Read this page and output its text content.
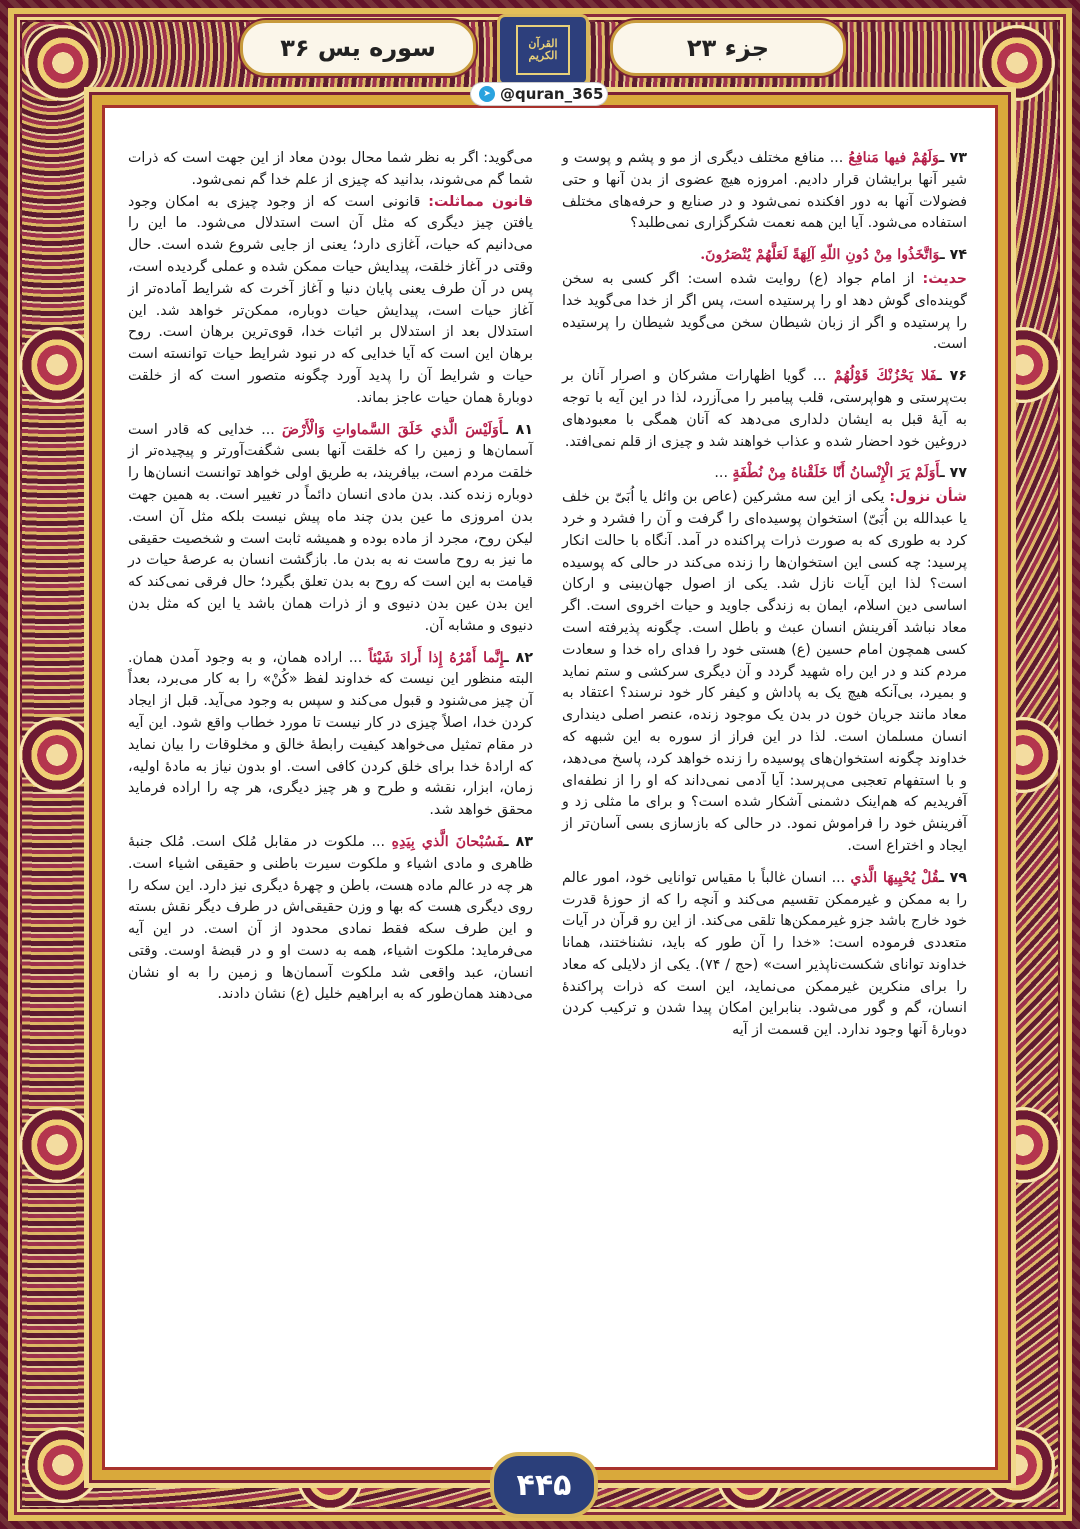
سوره یس ۳۶	القرآن الكريم	جزء ۲۳
➤ @quran_365

۷۳ ـوَلَهُمْ فيها مَنافِعُ ... منافع مختلف دیگری از مو و پشم و پوست و شیر آنها برایشان قرار دادیم. امروزه هیچ عضوی از بدن آنها و حتی فضولات آنها به دور افکنده نمی‌شود و در صنایع و حرفه‌های مختلف استفاده می‌شود. آیا این همه نعمت شکرگزاری نمی‌طلبد؟

۷۴ ـوَاتَّخَذُوا مِنْ دُونِ اللّهِ آلِهَةً لَعَلَّهُمْ يُنْصَرُونَ.

حدیث: از امام جواد (ع) روایت شده است: اگر کسی به سخن گوینده‌ای گوش دهد او را پرستیده است، پس اگر از خدا می‌گوید خدا را پرستیده و اگر از زبان شیطان سخن می‌گوید شیطان را پرستیده است.

۷۶ ـفَلا يَحْزُنْكَ قَوْلُهُمْ ... گویا اظهارات مشرکان و اصرار آنان بر بت‌پرستی و هواپرستی، قلب پیامبر را می‌آزرد، لذا در این آیه با توجه به آیهٔ قبل به ایشان دلداری می‌دهد که آنان همگی با معبودهای دروغین خود احضار شده و عذاب خواهند شد و چیزی از قلم نمی‌افتد.

۷۷ ـأَوَلَمْ يَرَ الْإِنْسانُ أَنّا خَلَقْناهُ مِنْ نُطْفَةٍ ...

شأن نزول: یکی از این سه مشرکین (عاص بن وائل یا اُبَیّ بن خلف یا عبدالله بن اُبَیّ) استخوان پوسیده‌ای را گرفت و آن را فشرد و خرد کرد به طوری که به صورت ذرات پراکنده در آمد. آنگاه با حالت انکار پرسید: چه کسی این استخوان‌ها را زنده می‌کند در حالی که پوسیده است؟ لذا این آیات نازل شد. یکی از اصول جهان‌بینی و ارکان اساسی دین اسلام، ایمان به زندگی جاوید و حیات اخروی است. اگر معاد نباشد آفرینش انسان عبث و باطل است. چگونه پذیرفته است کسی همچون امام حسین (ع) هستی خود را فدای راه خدا و سعادت مردم کند و در این راه شهید گردد و آن دیگری سرکشی و ستم نماید و بمیرد، بی‌آنکه هیچ یک به پاداش و کیفر کار خود نرسند؟ اعتقاد به معاد مانند جریان خون در بدن یک موجود زنده، عنصر اصلی دینداری انسان مسلمان است. لذا در این فراز از سوره به این شبهه که خداوند چگونه استخوان‌های پوسیده را زنده خواهد کرد، پاسخ می‌دهد، و با استفهام تعجبی می‌پرسد: آیا آدمی نمی‌داند که او را از نطفه‌ای آفریدیم که هم‌اینک دشمنی آشکار شده است؟ و برای ما مثلی زد و آفرینش خود را فراموش نمود. در حالی که بازسازی بسی آسان‌تر از ایجاد و اختراع است.

۷۹ ـقُلْ يُحْيِيهَا الَّذي ... انسان غالباً با مقیاس توانایی خود، امور عالم را به ممکن و غیرممکن تقسیم می‌کند و آنچه را که از حوزهٔ قدرت خود خارج باشد جزو غیرممکن‌ها تلقی می‌کند. از این رو قرآن در آیات متعددی فرموده است: «خدا را آن طور که باید، نشناختند، همانا خداوند توانای شکست‌ناپذیر است» (حج / ۷۴). یکی از دلایلی که معاد را برای منکرین غیرممکن می‌نماید، این است که ذرات پراکندهٔ انسان، گم و گور می‌شود. بنابراین امکان پیدا شدن و ترکیب کردن دوبارهٔ آنها وجود ندارد. این قسمت از آیه

می‌گوید: اگر به نظر شما محال بودن معاد از این جهت است که ذرات شما گم می‌شوند، بدانید که چیزی از علم خدا گم نمی‌شود.

قانون مماثلت: قانونی است که از وجود چیزی به امکان وجود یافتن چیز دیگری که مثل آن است استدلال می‌شود. ما این را می‌دانیم که حیات، آغازی دارد؛ یعنی از جایی شروع شده است. حال وقتی در آغاز خلقت، پیدایش حیات ممکن شده و عملی گردیده است، پس در آن طرف یعنی پایان دنیا و آغاز آخرت که شرایط آماده‌تر از آغاز حیات است، پیدایش حیات دوباره، ممکن‌تر خواهد شد. این استدلال بعد از استدلال بر اثبات خدا، قوی‌ترین برهان است. روح برهان این است که آیا خدایی که در نبود شرایط حیات توانسته است حیات و شرایط آن را پدید آورد چگونه متصور است که از خلقت دوبارهٔ همان حیات عاجز بماند.

۸۱ ـأَوَلَيْسَ الَّذي خَلَقَ السَّماواتِ وَالْأَرْضَ ... خدایی که قادر است آسمان‌ها و زمین را که خلقت آنها بسی شگفت‌آورتر و پیچیده‌تر از خلقت مردم است، بیافریند، به طریق اولی خواهد توانست انسان‌ها را دوباره زنده کند. بدن مادی انسان دائماً در تغییر است. به همین جهت بدن امروزی ما عین بدن چند ماه پیش نیست بلکه مثل آن است. لیکن روح، مجرد از ماده بوده و همیشه ثابت است و شخصیت حقیقی ما نیز به روح ماست نه به بدن ما. بازگشت انسان به عرصهٔ حیات در قیامت به این است که روح به بدن تعلق بگیرد؛ حال فرقی نمی‌کند که این بدن عین بدن دنیوی و از ذرات همان باشد یا این که مثل بدن دنیوی و مشابه آن.

۸۲ ـإِنَّما أَمْرُهُ إِذا أَرادَ شَيْئاً ... اراده همان، و به وجود آمدن همان. البته منظور این نیست که خداوند لفظ «کُنْ» را به کار می‌برد، بعداً آن چیز می‌شنود و قبول می‌کند و سپس به وجود می‌آید. قبل از ایجاد کردن خدا، اصلاً چیزی در کار نیست تا مورد خطاب واقع شود. این آیه در مقام تمثیل می‌خواهد کیفیت رابطهٔ خالق و مخلوقات را بیان نماید که ارادهٔ خدا برای خلق کردن کافی است. او بدون نیاز به مادهٔ اولیه، زمان، ابزار، نقشه و طرح و هر چیز دیگری، هر چه را اراده فرماید محقق خواهد شد.

۸۳ ـفَسُبْحانَ الَّذي بِيَدِهِ ... ملکوت در مقابل مُلک است. مُلک جنبهٔ ظاهری و مادی اشیاء و ملکوت سیرت باطنی و حقیقی اشیاء است. هر چه در عالم ماده هست، باطن و چهرهٔ دیگری نیز دارد. این سکه را روی دیگری هست که بها و وزن حقیقی‌اش در طرف دیگر نقش بسته و این طرف سکه فقط نمادی محدود از آن است. در این آیه می‌فرماید: ملکوت اشیاء، همه به دست او و در قبضهٔ اوست. وقتی انسان، عبد واقعی شد ملکوت آسمان‌ها و زمین را به او نشان می‌دهند همان‌طور که به ابراهیم خلیل (ع) نشان دادند.

۴۴۵
